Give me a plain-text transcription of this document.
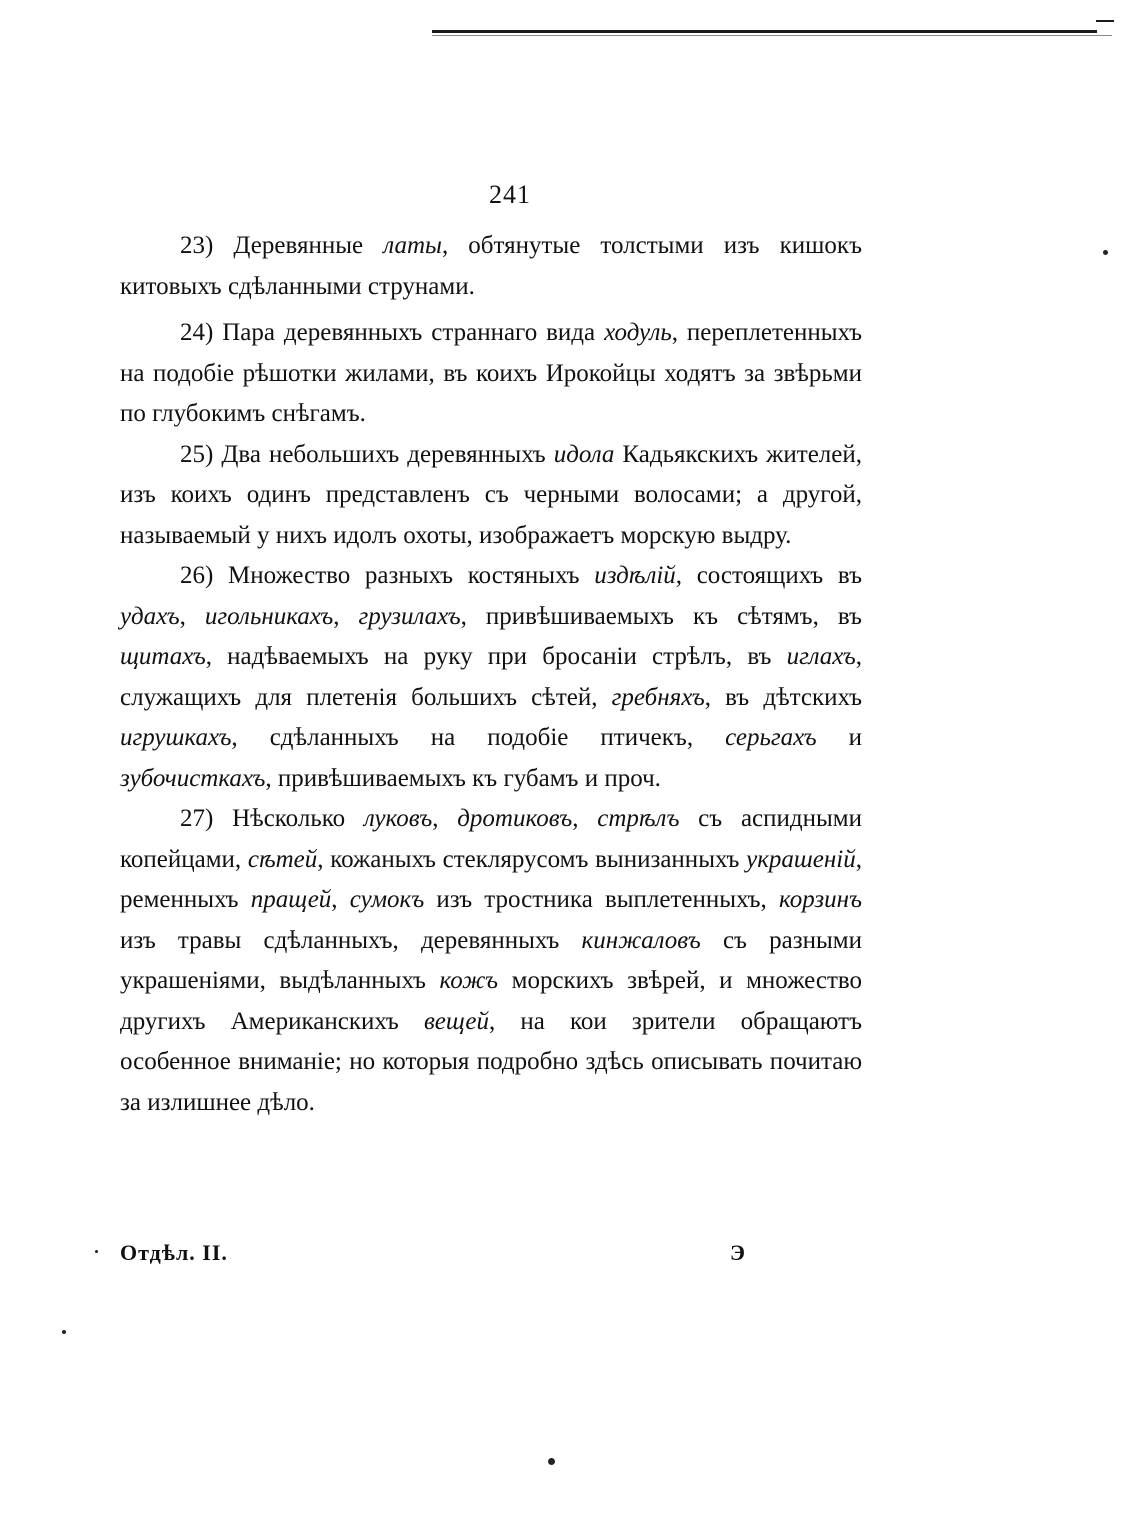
241

23) Деревянные латы, обтянутые толстыми изъ кишокъ китовыхъ сдѣланными струнами.

24) Пара деревянныхъ страннаго вида ходуль, переплетенныхъ на подобіе рѣшотки жилами, въ коихъ Ирокойцы ходятъ за звѣрьми по глубокимъ снѣгамъ.

25) Два небольшихъ деревянныхъ идола Кадьякскихъ жителей, изъ коихъ одинъ представленъ съ черными волосами; а другой, называемый у нихъ идолъ охоты, изображаетъ морскую выдру.

26) Множество разныхъ костяныхъ издѣлій, состоящихъ въ удахъ, игольникахъ, грузилахъ, привѣшиваемыхъ къ сѣтямъ, въ щитахъ, надѣваемыхъ на руку при бросаніи стрѣлъ, въ иглахъ, служащихъ для плетенія большихъ сѣтей, гребняхъ, въ дѣтскихъ игрушкахъ, сдѣланныхъ на подобіе птичекъ, серьгахъ и зубочисткахъ, привѣшиваемыхъ къ губамъ и проч.

27) Нѣсколько луковъ, дротиковъ, стрѣлъ съ аспидными копейцами, сѣтей, кожаныхъ стеклярусомъ вынизанныхъ украшеній, ременныхъ пращей, сумокъ изъ тростника выплетенныхъ, корзинъ изъ травы сдѣланныхъ, деревянныхъ кинжаловъ съ разными украшеніями, выдѣланныхъ кожъ морскихъ звѣрей, и множество другихъ Американскихъ вещей, на кои зрители обращаютъ особенное вниманіе; но которыя подробно здѣсь описывать почитаю за излишнее дѣло.

Отдѣл. II.	Э
